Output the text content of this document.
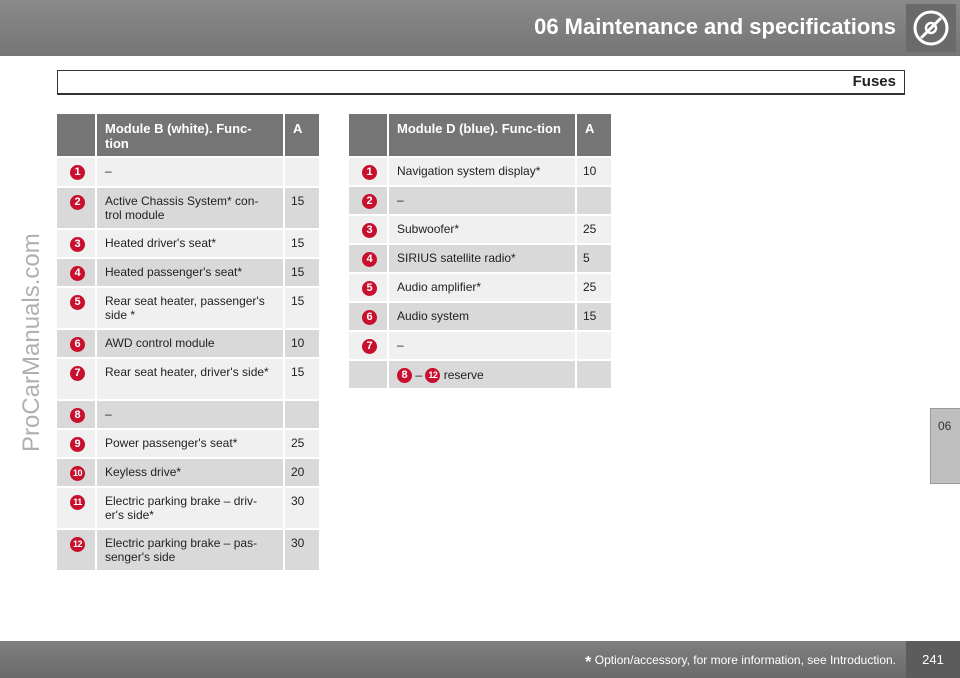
06 Maintenance and specifications
Fuses
ProCarManuals.com	06
	Module B (white). Func-tion	A

1	–	

2	Active Chassis System* con-trol module	15

3	Heated driver's seat*	15

4	Heated passenger's seat*	15

5	Rear seat heater, passenger's side *	15

6	AWD control module	10

7	Rear seat heater, driver's side*	15

8	–	

9	Power passenger's seat*	25

10	Keyless drive*	20

11	Electric parking brake – driv-er's side*	30

12	Electric parking brake – pas-senger's side	30
	Module D (blue). Func-tion	A

1	Navigation system display*	10

2	–	

3	Subwoofer*	25

4	SIRIUS satellite radio*	5

5	Audio amplifier*	25

6	Audio system	15

7	–	
	8 – 12 reserve	
* Option/accessory, for more information, see Introduction.	241
